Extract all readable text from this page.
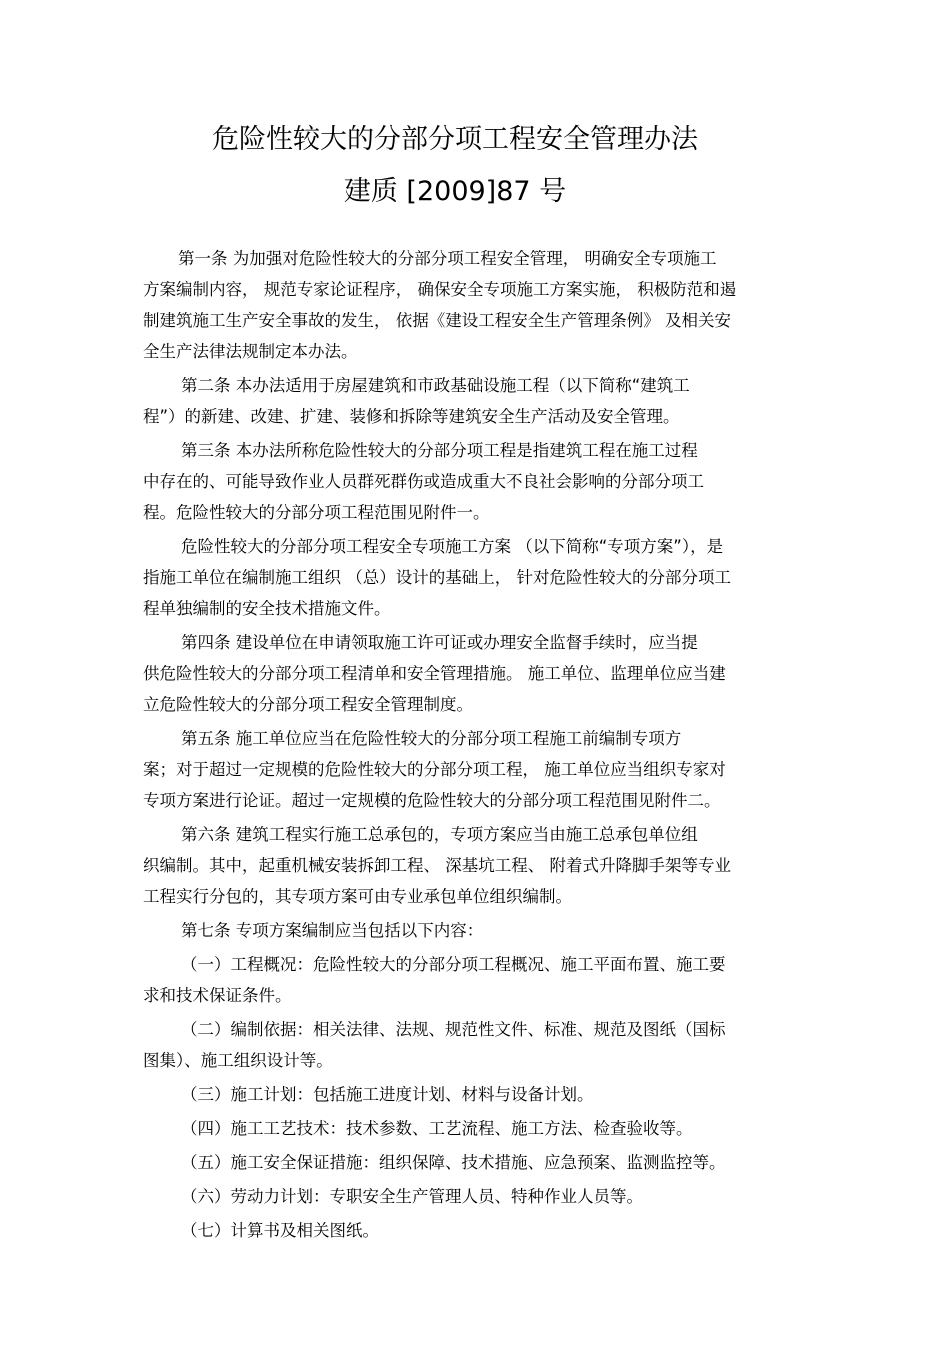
危险性较大的分部分项工程安全管理办法
建质 [2009]87 号
第一条 为加强对危险性较大的分部分项工程安全管理， 明确安全专项施工
方案编制内容， 规范专家论证程序， 确保安全专项施工方案实施， 积极防范和遏
制建筑施工生产安全事故的发生， 依据《建设工程安全生产管理条例》 及相关安
全生产法律法规制定本办法。
第二条 本办法适用于房屋建筑和市政基础设施工程（以下简称“建筑工
程”）的新建、改建、扩建、装修和拆除等建筑安全生产活动及安全管理。
第三条 本办法所称危险性较大的分部分项工程是指建筑工程在施工过程
中存在的、可能导致作业人员群死群伤或造成重大不良社会影响的分部分项工
程。危险性较大的分部分项工程范围见附件一。
危险性较大的分部分项工程安全专项施工方案 （以下简称“专项方案”），是
指施工单位在编制施工组织 （总）设计的基础上， 针对危险性较大的分部分项工
程单独编制的安全技术措施文件。
第四条 建设单位在申请领取施工许可证或办理安全监督手续时，应当提
供危险性较大的分部分项工程清单和安全管理措施。 施工单位、监理单位应当建
立危险性较大的分部分项工程安全管理制度。
第五条 施工单位应当在危险性较大的分部分项工程施工前编制专项方
案；对于超过一定规模的危险性较大的分部分项工程， 施工单位应当组织专家对
专项方案进行论证。超过一定规模的危险性较大的分部分项工程范围见附件二。
第六条 建筑工程实行施工总承包的，专项方案应当由施工总承包单位组
织编制。其中，起重机械安装拆卸工程、 深基坑工程、 附着式升降脚手架等专业
工程实行分包的，其专项方案可由专业承包单位组织编制。
第七条 专项方案编制应当包括以下内容：
（一）工程概况：危险性较大的分部分项工程概况、施工平面布置、施工要
求和技术保证条件。
（二）编制依据：相关法律、法规、规范性文件、标准、规范及图纸（国标
图集）、施工组织设计等。
（三）施工计划：包括施工进度计划、材料与设备计划。
（四）施工工艺技术：技术参数、工艺流程、施工方法、检查验收等。
（五）施工安全保证措施：组织保障、技术措施、应急预案、监测监控等。
（六）劳动力计划：专职安全生产管理人员、特种作业人员等。
（七）计算书及相关图纸。
